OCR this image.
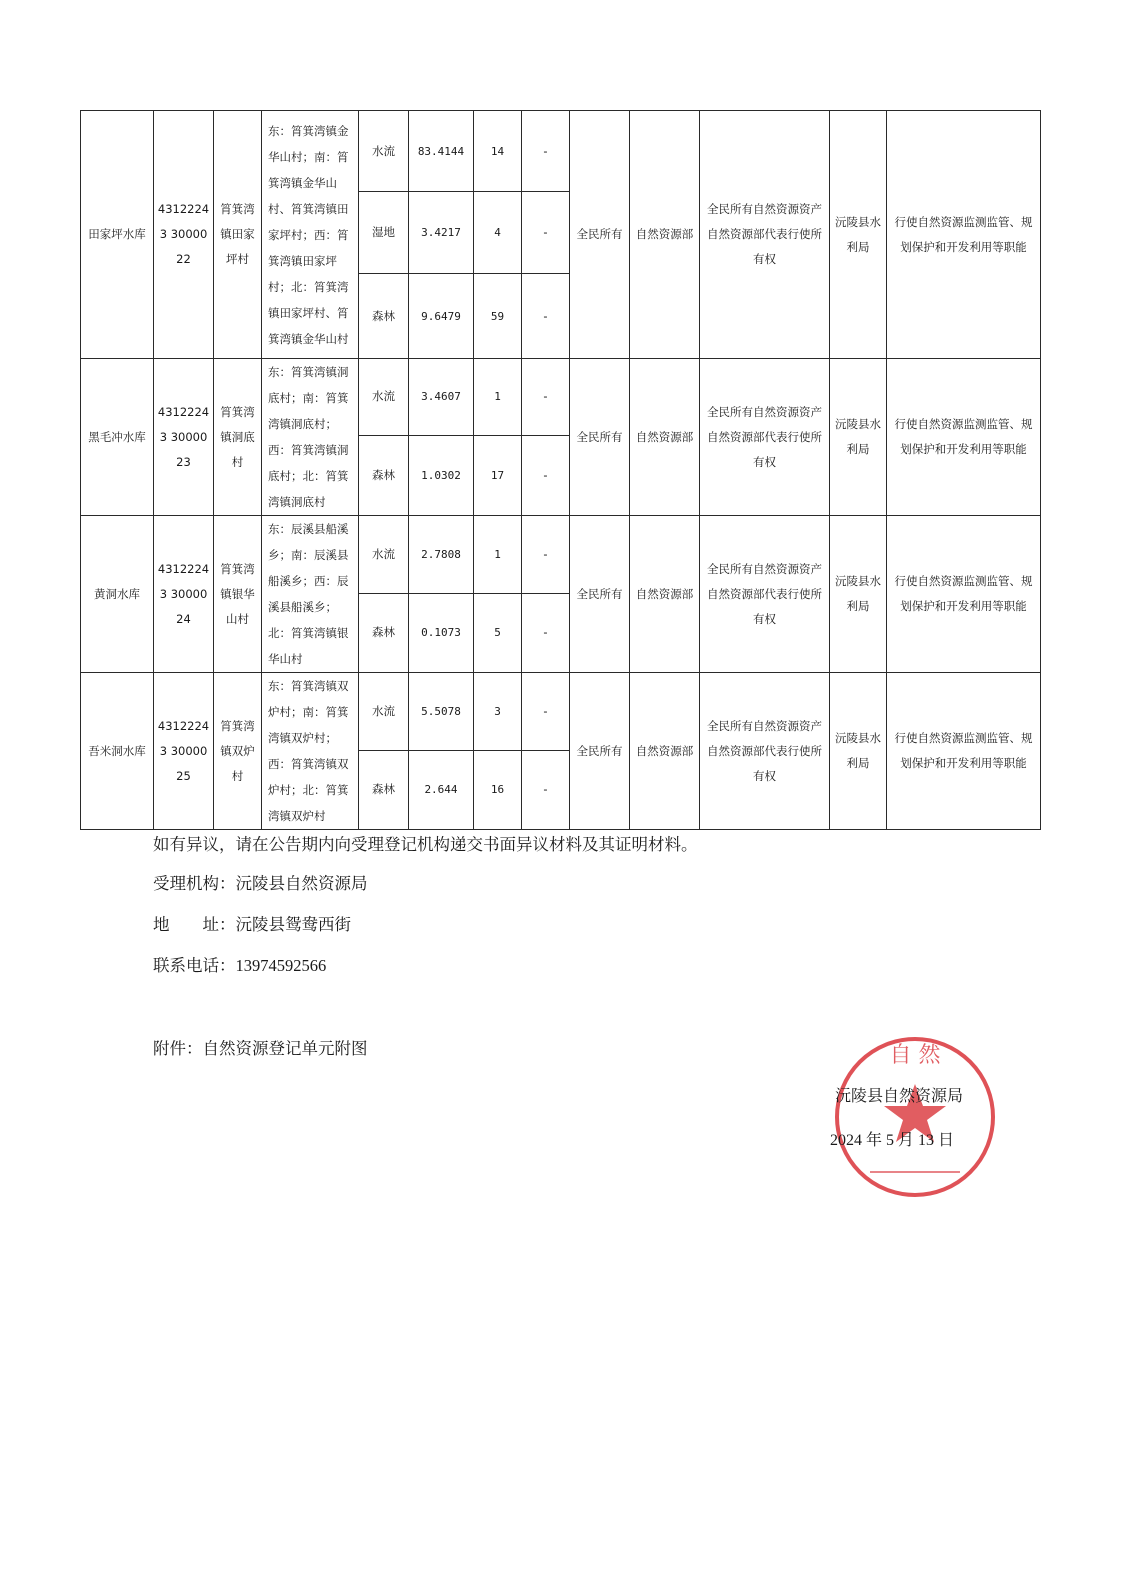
田家坪水库	43122243 3000022	筲箕湾镇田家坪村	东：筲箕湾镇金华山村；南：筲箕湾镇金华山村、筲箕湾镇田家坪村；西：筲箕湾镇田家坪村；北：筲箕湾镇田家坪村、筲箕湾镇金华山村	水流	83.4144	14	-	全民所有	自然资源部	全民所有自然资源资产自然资源部代表行使所有权	沅陵县水利局	行使自然资源监测监管、规划保护和开发利用等职能
				湿地	3.4217	4	-					
				森林	9.6479	59	-					
黑毛冲水库	43122243 3000023	筲箕湾镇洞底村	东：筲箕湾镇洞底村；南：筲箕湾镇洞底村；西：筲箕湾镇洞底村；北：筲箕湾镇洞底村	水流	3.4607	1	-	全民所有	自然资源部	全民所有自然资源资产自然资源部代表行使所有权	沅陵县水利局	行使自然资源监测监管、规划保护和开发利用等职能
				森林	1.0302	17	-					
黄洞水库	43122243 3000024	筲箕湾镇银华山村	东：辰溪县船溪乡；南：辰溪县船溪乡；西：辰溪县船溪乡；北：筲箕湾镇银华山村	水流	2.7808	1	-	全民所有	自然资源部	全民所有自然资源资产自然资源部代表行使所有权	沅陵县水利局	行使自然资源监测监管、规划保护和开发利用等职能
				森林	0.1073	5	-					
吾米洞水库	43122243 3000025	筲箕湾镇双炉村	东：筲箕湾镇双炉村；南：筲箕湾镇双炉村；西：筲箕湾镇双炉村；北：筲箕湾镇双炉村	水流	5.5078	3	-	全民所有	自然资源部	全民所有自然资源资产自然资源部代表行使所有权	沅陵县水利局	行使自然资源监测监管、规划保护和开发利用等职能
				森林	2.644	16	-					
如有异议，请在公告期内向受理登记机构递交书面异议材料及其证明材料。
受理机构：沅陵县自然资源局
地　　址：沅陵县鸳鸯西街
联系电话：13974592566
附件：自然资源登记单元附图	自 然
沅陵县自然资源局
2024 年 5 月 13 日
